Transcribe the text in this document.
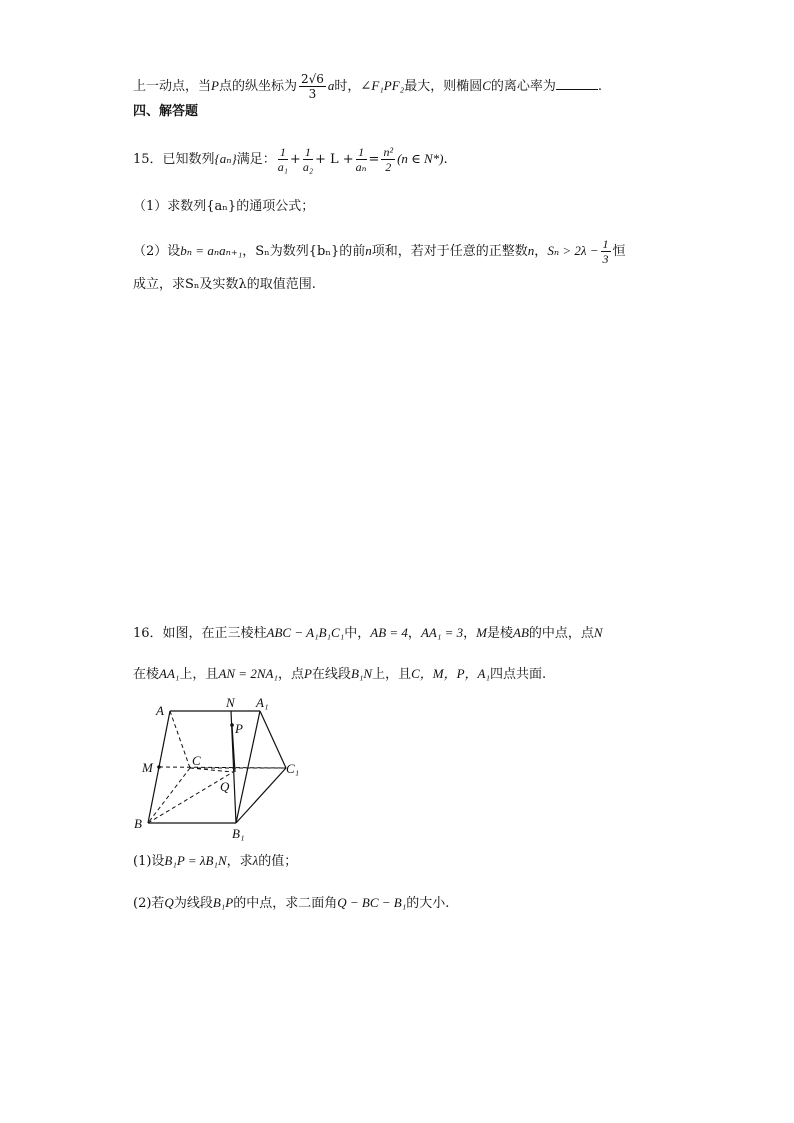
上一动点，当P点的纵坐标为 $\frac{2√6}{3}$ a时，∠F₁PF₂最大，则椭圆C的离心率为	.
四、解答题
15．已知数列{aₙ}满足： $\frac{1}{\text{a₁}} + \frac{1}{\text{a₂}} + L + \frac{1}{\text{aₙ}} = \frac{\text{n²}}{2} (n$ ∈ N*).
（1）求数列{aₙ}的通项公式；
（2）设bₙ = aₙaₙ₊₁，Sₙ为数列{bₙ}的前n项和，若对于任意的正整数n，$S_n > 2\lambda - \frac{1}{3}$ 恒
成立，求Sₙ及实数λ的取值范围.
16．如图，在正三棱柱ABC − A₁B₁C₁中，AB = 4，AA₁ = 3，M是棱AB的中点，点N
在棱AA₁上，且AN = 2NA₁，点P在线段B₁N上，且C，M，P，A₁四点共面.
A
N A₁
P
M	C
C₁
Q
B
B₁
(1)设B₁P = λB₁N，求λ的值；
(2)若Q为线段B₁P的中点，求二面角Q − BC − B₁的大小.
